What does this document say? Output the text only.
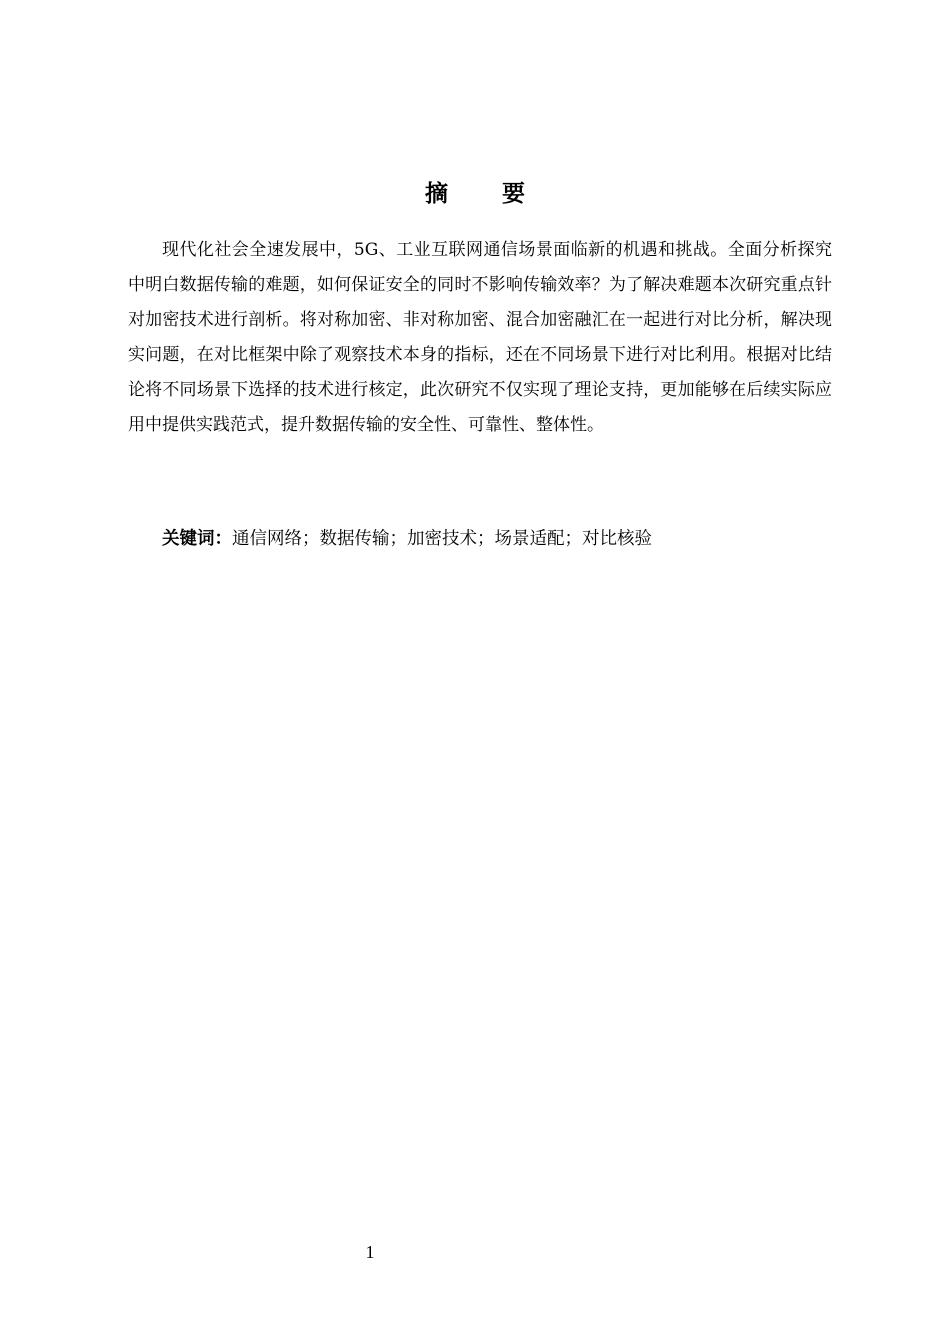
摘 要

现代化社会全速发展中，5G、工业互联网通信场景面临新的机遇和挑战。全面分析探究中明白数据传输的难题，如何保证安全的同时不影响传输效率？为了解决难题本次研究重点针对加密技术进行剖析。将对称加密、非对称加密、混合加密融汇在一起进行对比分析，解决现实问题，在对比框架中除了观察技术本身的指标，还在不同场景下进行对比利用。根据对比结论将不同场景下选择的技术进行核定，此次研究不仅实现了理论支持，更加能够在后续实际应用中提供实践范式，提升数据传输的安全性、可靠性、整体性。

关键词：通信网络；数据传输；加密技术；场景适配；对比核验
1
